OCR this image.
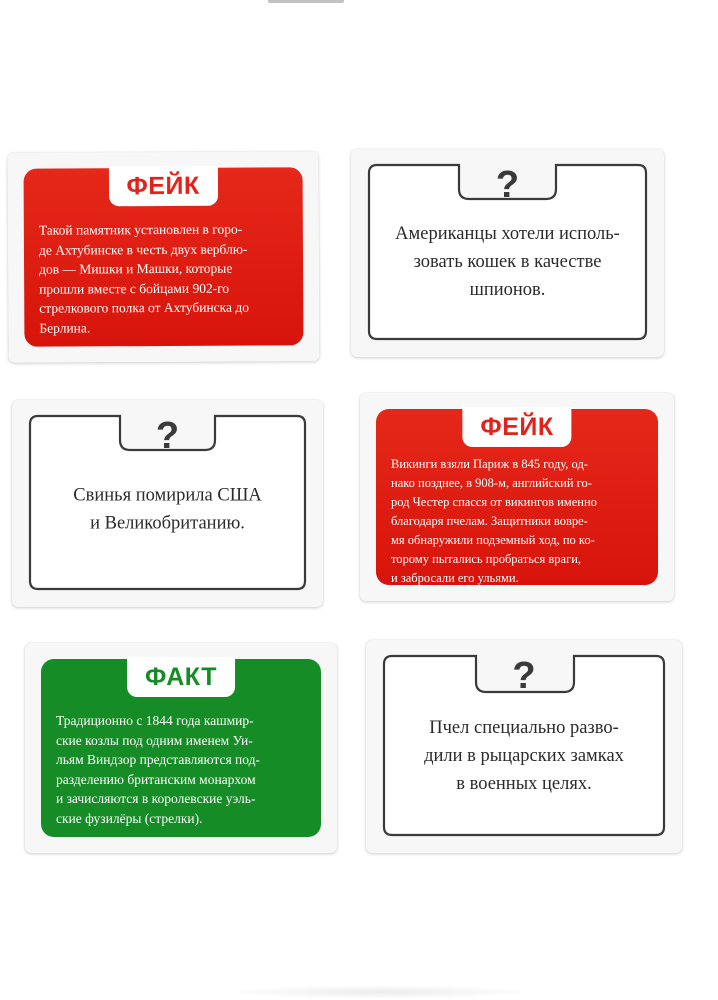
ФЕЙК
Такой памятник установлен в горо-
де Ахтубинске в честь двух верблю-
дов — Мишки и Машки, которые
прошли вместе с бойцами 902-го
стрелкового полка от Ахтубинска до
Берлина.
?
Американцы хотели исполь-
зовать кошек в качестве
шпионов.
?
Свинья помирила США
и Великобританию.
ФЕЙК
Викинги взяли Париж в 845 году, од-
нако позднее, в 908-м, английский го-
род Честер спасся от викингов именно
благодаря пчелам. Защитники вовре-
мя обнаружили подземный ход, по ко-
торому пытались пробраться враги,
и забросали его ульями.
ФАКТ
Традиционно с 1844 года кашмир-
ские козлы под одним именем Уи-
льям Виндзор представляются под-
разделению британским монархом
и зачисляются в королевские уэль-
ские фузилёры (стрелки).
?
Пчел специально разво-
дили в рыцарских замках
в военных целях.
